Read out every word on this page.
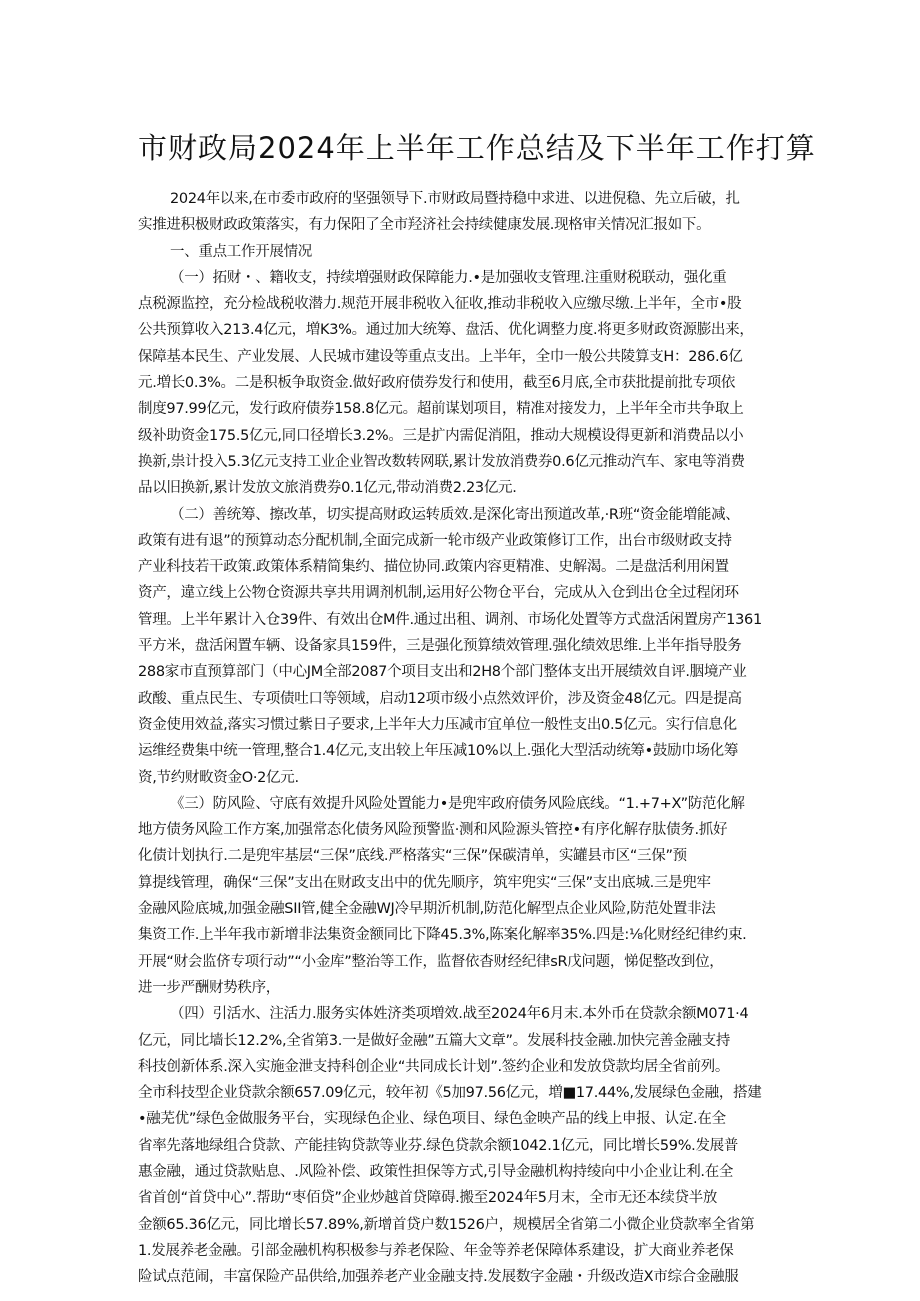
市财政局2024年上半年工作总结及下半年工作打算
2024年以来,在市委市政府的坚强领导下.市财政局暨持稳中求进、以进倪稳、先立后破，扎
实推进积极财政政策落实，有力保阳了全市羟济社会持续健康发展.现格审关情况汇报如下。
一、重点工作开展情况
（一）拓财・、籍收支，持续増强财政保障能力.•是加强收支管理.注重财税联动，强化重
点税源监控，充分检战税收潜力.规范开展非税收入征收,推动非税收入应缴尽缴.上半年，全市•股
公共预算收入213.4亿元，増K3%。通过加大统筹、盘活、优化调整力度.将更多财政资源膨出来，
保障基本民生、产业发展、人民城市建设等重点支出。上半年，全巾一般公共陵算支H：286.6亿
元.増长0.3%。二是积板争取资金.做好政府债券发行和使用，截至6月底,全市获批提前批专项依
制度97.99亿元，发行政府债券158.8亿元。超前谋划项目，精准对接发力，上半年全市共争取上
级补助资金175.5亿元,同口径増长3.2%。三是扩内需促消阻，推动大规模设得更新和消费品以小
换新,祟计投入5.3亿元支持工业企业智改数转网联,累计发放消费券0.6亿元推动汽车、家电等消费
品以旧换新,累计发放文旅消费券0.1亿元,带动消费2.23亿元.
（二）善统筹、擦改革，切实提高财政运转质效.是深化寄出预道改革,·R班“资金能増能减、
政策有进有退”的预算动态分配机制,全面完成新一轮市级产业政策修订工作，出台市级财政支持
产业科技若干政策.政策体系精简集约、描位协同.政策内容更精准、史解渴。二是盘活利用闲置
资产，違立线上公物仓资源共享共用调剂机制,运用好公物仓平台，完成从入仓到出仓全过程闭环
管理。上半年累计入仓39件、有效出仓M件.通过出租、调剂、市场化处置等方式盘活闲置房产1361
平方米，盘活闲置车辆、设备家具159件，三是强化预算绩效管理.强化绩效思维.上半年指导股务
288家市直预算部门（中心JM全部2087个项目支出和2H8个部门整体支出开展绩效自评.胭境产业
政酸、重点民生、专项债吐口等领域，启动12项市级小点然效评价，涉及资金48亿元。四是提高
资金使用效益,落实习惯过紫日子要求,上半年大力压减市宜单位一般性支出0.5亿元。实行信息化
运维经费集中统一管理,整合1.4亿元,支出较上年压减10%以上.强化大型活动统筹•鼓励巾场化筹
资,节约财畋资金O·2亿元.
《三）防风险、守底有效提升风险处置能力•是兜牢政府债务风险底线。“1.+7+X”防范化解
地方债务风险工作方案,加强常态化债务风险预警监·测和风险源头管控•有序化解存肽债务.抓好
化债计划执行.二是兜牢基层“三保”底线.严格落实“三保”保碳清单，实罐县市区“三保”预
算提线管理，确保“三保”支出在财政支出中的优先顺序，筑牢兜实“三保”支出底城.三是兜牢
金融风险底城,加强金融SII管,健全金融WJ冷早期沂机制,防范化解型点企业风险,防范处置非法
集资工作.上半年我市新增非法集资金额同比下降45.3%,陈案化解率35%.四是:⅛化财经纪律约束.
开展“财会监侪专项行动”“小金库”整治等工作，监督依杳财经纪律sR戊问题，悌促整改到位，
进一步严酬财势秩序，
（四）引活水、注活力.服务实体姓济类项増效.战至2024年6月末.本外币在贷款余额M071·4
亿元，同比墙长12.2%,全省第3.一是做好金融”五篇大文章”。发展科技金融.加快完善金融支持
科技创新体系.深入实施金泄支持科创企业“共同成长计划”.签约企业和发放贷款均居全省前列。
全市科技型企业贷款余额657.09亿元，较年初《5加97.56亿元，増■17.44%,发展绿色金融，搭建
•融芜优”绿色金做服务平台，实现绿色企业、绿色项目、绿色金映产品的线上申报、认定.在全
省率先落地绿组合贷款、产能挂钩贷款等业芬.绿色贷款余额1042.1亿元，同比增长59%.发展普
惠金融，通过贷款贴息、.风险补偿、政策性担保等方式,引导金融机构持绫向中小企业让利.在全
省首创“首贷中心”.帮助“枣佰贷”企业炒越首贷障碍.搬至2024年5月末，全市无还本续贷半放
金额65.36亿元，同比增长57.89%,新增首贷户数1526户，规模居全省第二小微企业贷款率全省第
1.发展养老金融。引部金融机构积极参与养老保险、年金等养老保障体系建设，扩大商业养老保
险试点范闹，丰富保险产品供给,加强养老产业金融支持.发展数字金融・升级改造X市综合金融服
